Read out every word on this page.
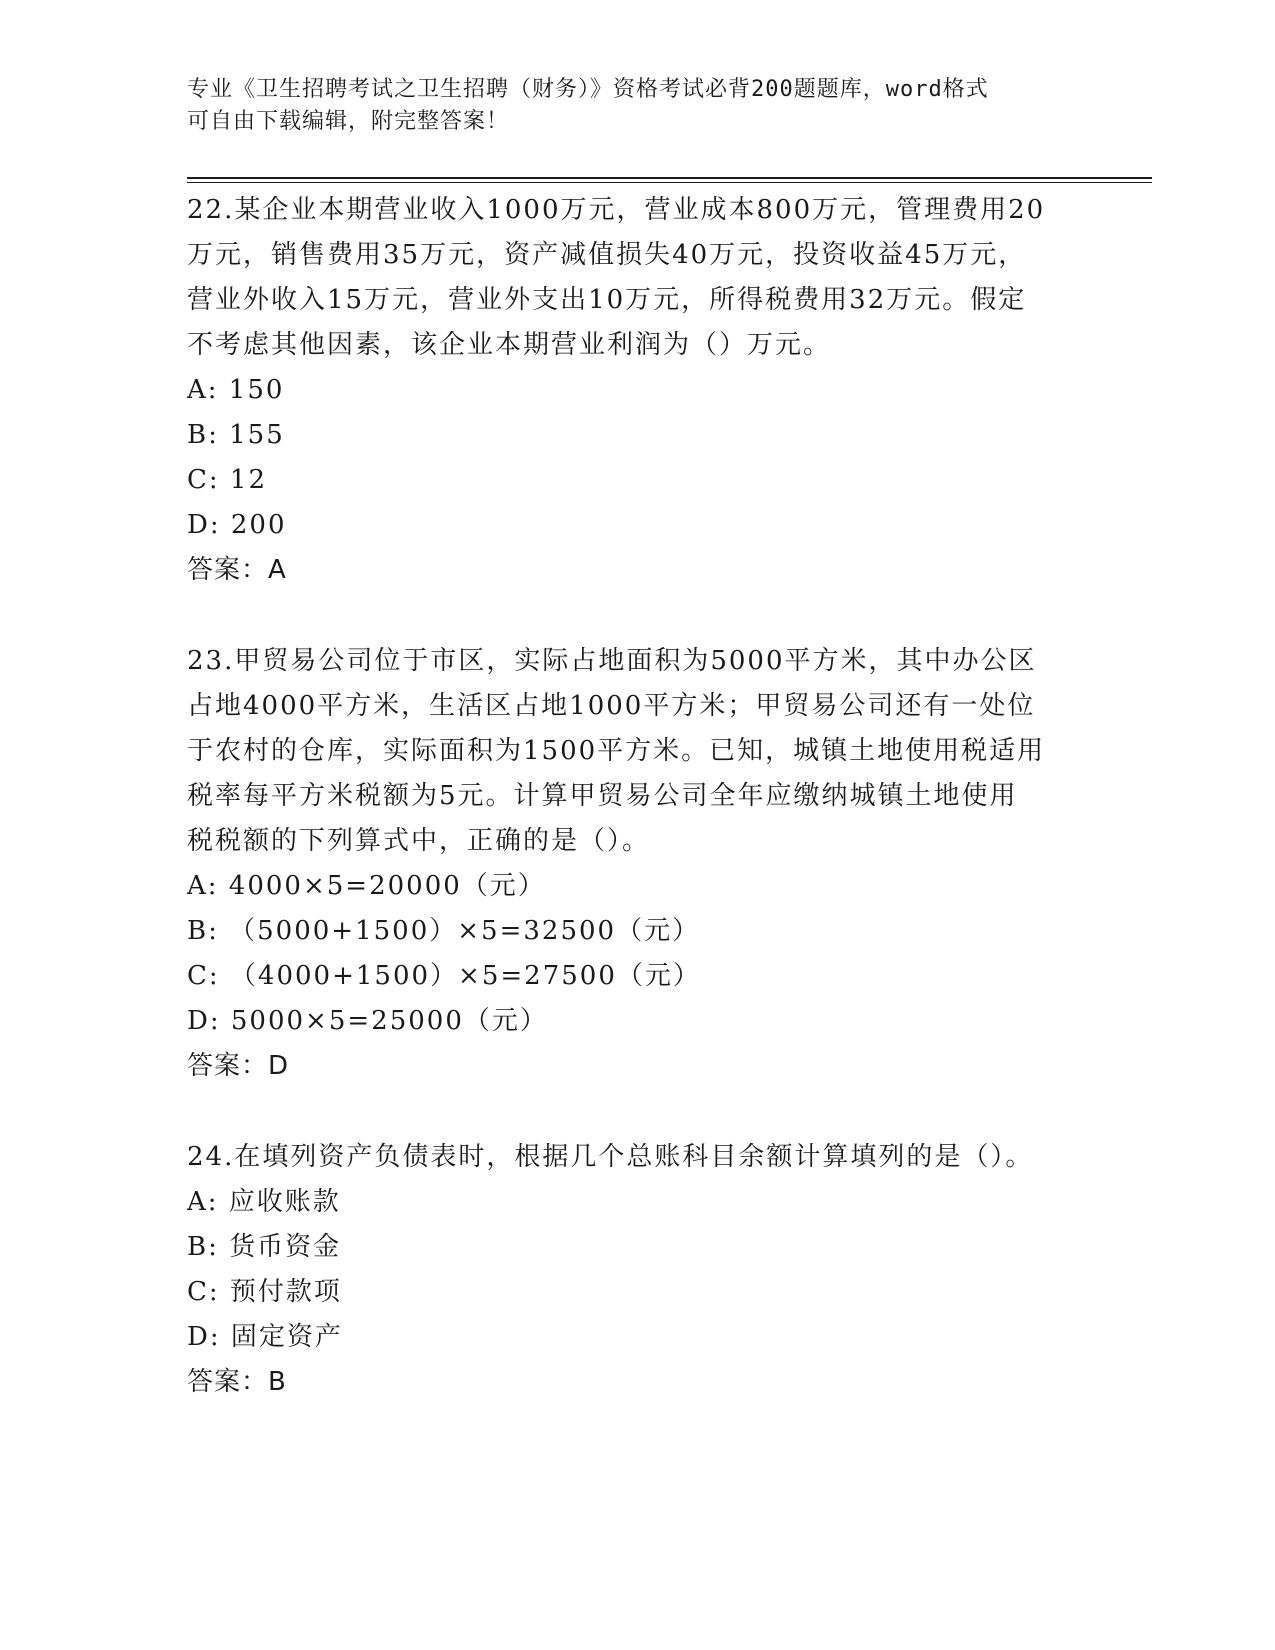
专业《卫生招聘考试之卫生招聘（财务）》资格考试必背200题题库，word格式
可自由下载编辑，附完整答案！
22.某企业本期营业收入1000万元，营业成本800万元，管理费用20
万元，销售费用35万元，资产减值损失40万元，投资收益45万元，
营业外收入15万元，营业外支出10万元，所得税费用32万元。假定
不考虑其他因素，该企业本期营业利润为（）万元。
A: 150
B: 155
C: 12
D: 200
答案：A
23.甲贸易公司位于市区，实际占地面积为5000平方米，其中办公区
占地4000平方米，生活区占地1000平方米；甲贸易公司还有一处位
于农村的仓库，实际面积为1500平方米。已知，城镇土地使用税适用
税率每平方米税额为5元。计算甲贸易公司全年应缴纳城镇土地使用
税税额的下列算式中，正确的是（）。
A: 4000×5=20000（元）
B: （5000+1500）×5=32500（元）
C: （4000+1500）×5=27500（元）
D: 5000×5=25000（元）
答案：D
24.在填列资产负债表时，根据几个总账科目余额计算填列的是（）。
A: 应收账款
B: 货币资金
C: 预付款项
D: 固定资产
答案：B
